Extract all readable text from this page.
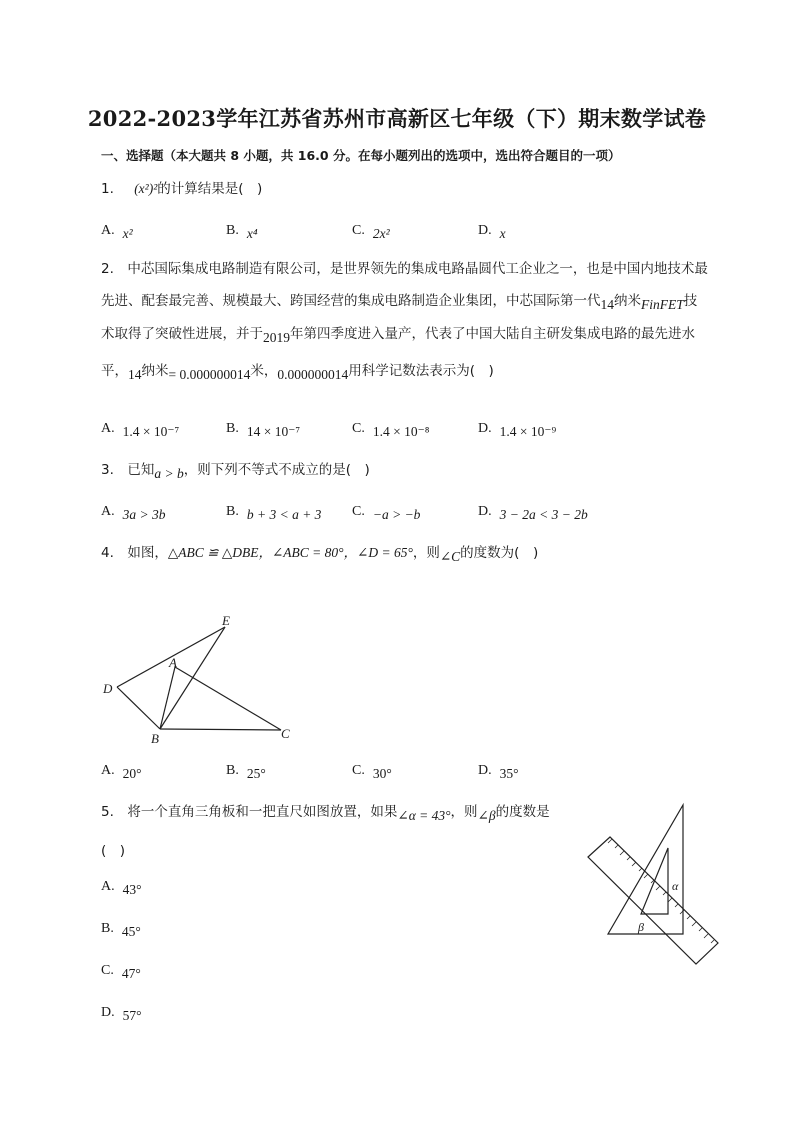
2022-2023学年江苏省苏州市高新区七年级（下）期末数学试卷
一、选择题（本大题共 8 小题，共 16.0 分。在每小题列出的选项中，选出符合题目的一项）
1. (x²)²的计算结果是(　)
A. x²	B. x⁴	C. 2x²	D. x
2.　 中芯国际集成电路制造有限公司，是世界领先的集成电路晶圆代工企业之一，也是中国内地技术最
先进、配套最完善、规模最大、跨国经营的集成电路制造企业集团，中芯国际第一代14纳米FinFET技
术取得了突破性进展，并于2019年第四季度进入量产，代表了中国大陆自主研发集成电路的最先进水
平，14纳米= 0.000000014米，0.000000014用科学记数法表示为(　)
A. 1.4 × 10⁻⁷	B. 14 × 10⁻⁷	C. 1.4 × 10⁻⁸	D. 1.4 × 10⁻⁹
3.　 已知a > b，则下列不等式不成立的是(　)
A. 3a > 3b	B. b + 3 < a + 3 C. −a > −b	D. 3 − 2a < 3 − 2b
4.　 如图，△ABC ≌ △DBE，∠ABC = 80°，∠D = 65°，则∠C的度数为(　)
E
A
D
B	C
A. 20°	B. 25°	C. 30°	D. 35°
5.　 将一个直角三角板和一把直尺如图放置，如果∠α = 43°，则∠β的度数是
(　)
A. 43°
B. 45°
C. 47°
D. 57°
α
β
